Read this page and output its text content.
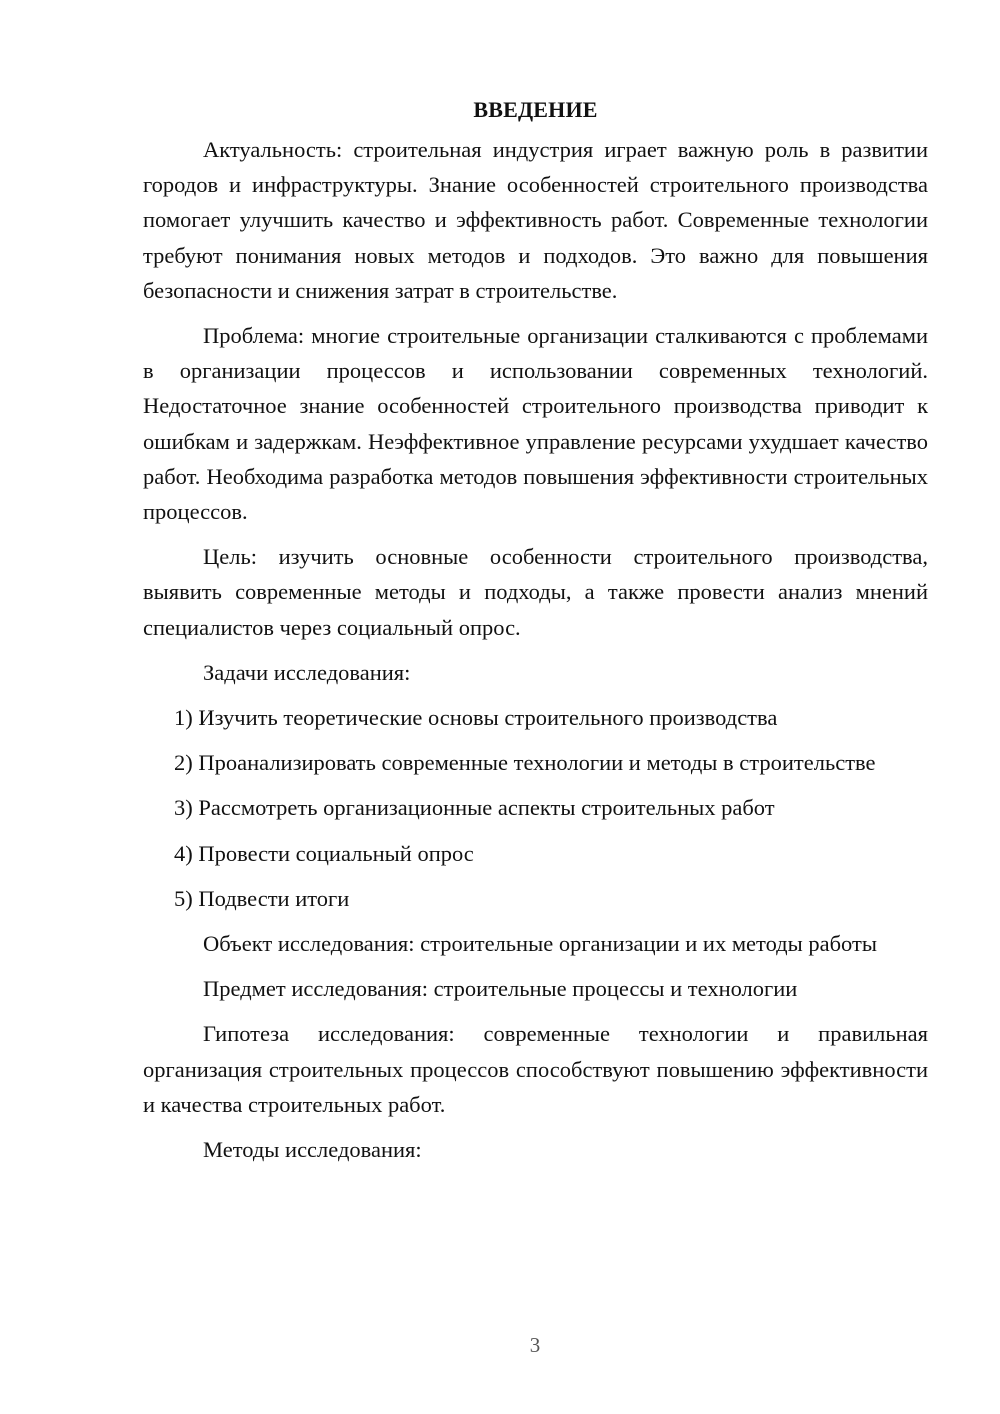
ВВЕДЕНИЕ

Актуальность: строительная индустрия играет важную роль в развитии городов и инфраструктуры. Знание особенностей строительного производства помогает улучшить качество и эффективность работ. Современные технологии требуют понимания новых методов и подходов. Это важно для повышения безопасности и снижения затрат в строительстве.

Проблема: многие строительные организации сталкиваются с проблемами в организации процессов и использовании современных технологий. Недостаточное знание особенностей строительного производства приводит к ошибкам и задержкам. Неэффективное управление ресурсами ухудшает качество работ. Необходима разработка методов повышения эффективности строительных процессов.

Цель: изучить основные особенности строительного производства, выявить современные методы и подходы, а также провести анализ мнений специалистов через социальный опрос.

Задачи исследования:

1) Изучить теоретические основы строительного производства

2) Проанализировать современные технологии и методы в строительстве

3) Рассмотреть организационные аспекты строительных работ

4) Провести социальный опрос

5) Подвести итоги

Объект исследования: строительные организации и их методы работы

Предмет исследования: строительные процессы и технологии

Гипотеза исследования: современные технологии и правильная организация строительных процессов способствуют повышению эффективности и качества строительных работ.

Методы исследования:

3
